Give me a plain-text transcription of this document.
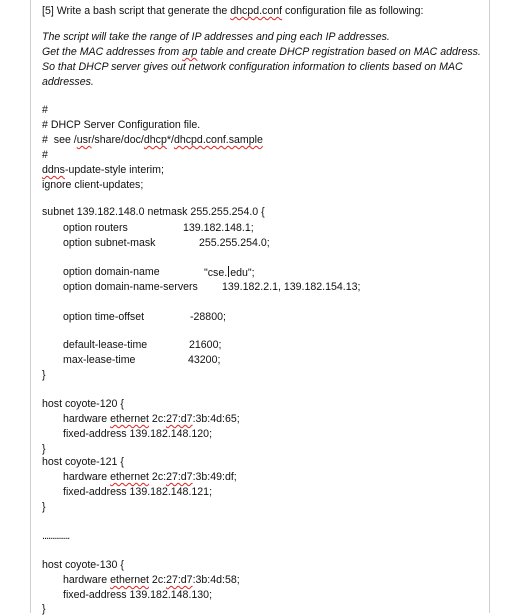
[5] Write a bash script that generate the dhcpd.conf configuration file as following:
The script will take the range of IP addresses and ping each IP addresses.
Get the MAC addresses from arp table and create DHCP registration based on MAC address.
So that DHCP server gives out network configuration information to clients based on MAC
addresses.
#
# DHCP Server Configuration file.
#  see /usr/share/doc/dhcp*/dhcpd.conf.sample
#
ddns-update-style interim;
ignore client-updates;
subnet 139.182.148.0 netmask 255.255.254.0 {
option routers	139.182.148.1;
option subnet-mask	255.255.254.0;
option domain-name	"cse. edu";
option domain-name-servers 139.182.2.1, 139.182.154.13;
option time-offset	-28800;
default-lease-time	21600;
max-lease-time	43200;
}
host coyote-120 {
hardware ethernet 2c:27:d7:3b:4d:65;
fixed-address 139.182.148.120;
}
host coyote-121 {
hardware ethernet 2c:27:d7:3b:49:df;
fixed-address 139.182.148.121;
}
..............
host coyote-130 {
hardware ethernet 2c:27:d7:3b:4d:58;
fixed-address 139.182.148.130;
}
